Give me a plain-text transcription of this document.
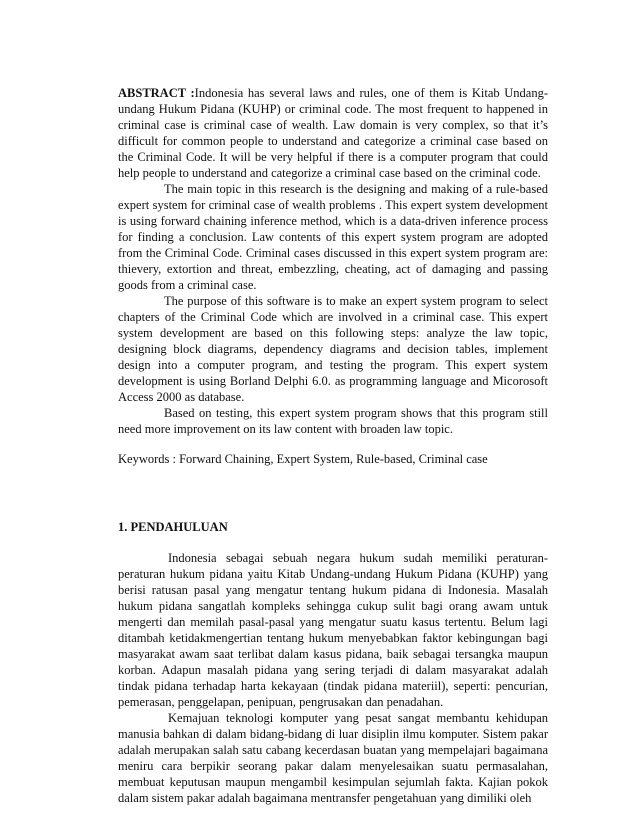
ABSTRACT :Indonesia has several laws and rules, one of them is Kitab Undang-undang Hukum Pidana (KUHP) or criminal code. The most frequent to happened in criminal case is criminal case of wealth. Law domain is very complex, so that it’s difficult for common people to understand and categorize a criminal case based on the Criminal Code. It will be very helpful if there is a computer program that could help people to understand and categorize a criminal case based on the criminal code.

The main topic in this research is the designing and making of a rule-based expert system for criminal case of wealth problems . This expert system development is using forward chaining inference method, which is a data-driven inference process for finding a conclusion. Law contents of this expert system program are adopted from the Criminal Code. Criminal cases discussed in this expert system program are: thievery, extortion and threat, embezzling, cheating, act of damaging and passing goods from a criminal case.

The purpose of this software is to make an expert system program to select chapters of the Criminal Code which are involved in a criminal case. This expert system development are based on this following steps: analyze the law topic, designing block diagrams, dependency diagrams and decision tables, implement design into a computer program, and testing the program. This expert system development is using Borland Delphi 6.0. as programming language and Micorosoft Access 2000 as database.

Based on testing, this expert system program shows that this program still need more improvement on its law content with broaden law topic.

Keywords : Forward Chaining, Expert System, Rule-based, Criminal case

1. PENDAHULUAN

Indonesia sebagai sebuah negara hukum sudah memiliki peraturan-peraturan hukum pidana yaitu Kitab Undang-undang Hukum Pidana (KUHP) yang berisi ratusan pasal yang mengatur tentang hukum pidana di Indonesia. Masalah hukum pidana sangatlah kompleks sehingga cukup sulit bagi orang awam untuk mengerti dan memilah pasal-pasal yang mengatur suatu kasus tertentu. Belum lagi ditambah ketidakmengertian tentang hukum menyebabkan faktor kebingungan bagi masyarakat awam saat terlibat dalam kasus pidana, baik sebagai tersangka maupun korban. Adapun masalah pidana yang sering terjadi di dalam masyarakat adalah tindak pidana terhadap harta kekayaan (tindak pidana materiil), seperti: pencurian, pemerasan, penggelapan, penipuan, pengrusakan dan penadahan.

Kemajuan teknologi komputer yang pesat sangat membantu kehidupan manusia bahkan di dalam bidang-bidang di luar disiplin ilmu komputer. Sistem pakar adalah merupakan salah satu cabang kecerdasan buatan yang mempelajari bagaimana meniru cara berpikir seorang pakar dalam menyelesaikan suatu permasalahan, membuat keputusan maupun mengambil kesimpulan sejumlah fakta. Kajian pokok dalam sistem pakar adalah bagaimana mentransfer pengetahuan yang dimiliki oleh
